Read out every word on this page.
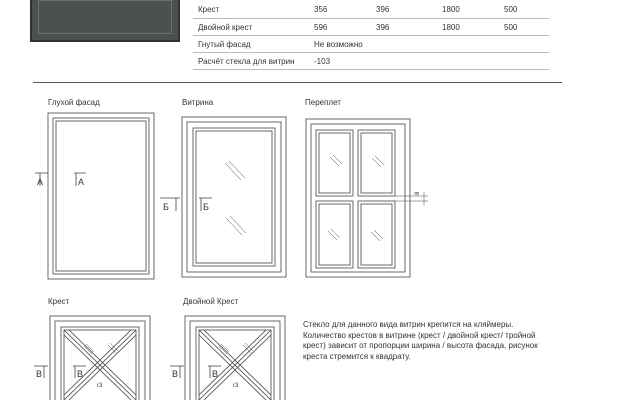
Крест	356	396	1800	500
Двойной крест	596	396	1800	500
Гнутый фасад	Не возможно			
Расчёт стекла для витрин	-103			
Глухой фасад	Витрина	Переплет
Крест	Двойной Крест
A	A
Б	Б
8
В	В
r3
В	В
r3
Стекло для данного вида витрин крепится на кляймеры. Количество крестов в витрине (крест / двойной крест/ тройной крест) зависит от пропорции ширина / высота фасада, рисунок креста стремится к квадрату.
